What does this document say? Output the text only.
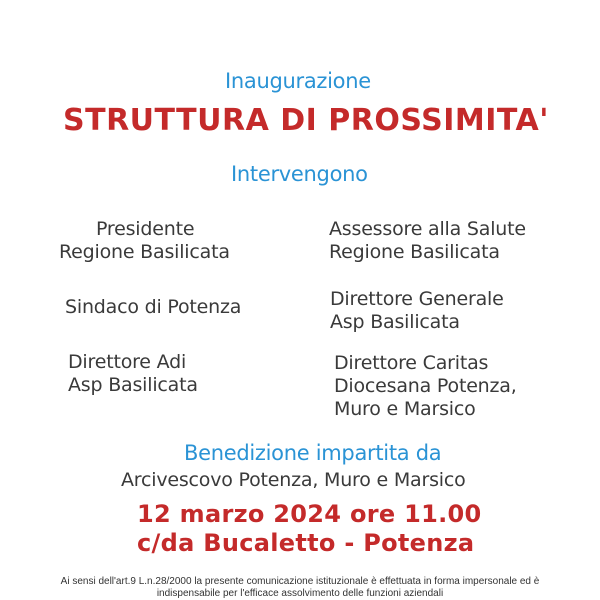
Inaugurazione
STRUTTURA DI PROSSIMITA'
Intervengono
Presidente
Regione Basilicata
Sindaco di Potenza
Direttore Adi
Asp Basilicata
Assessore alla Salute
Regione Basilicata
Direttore Generale
Asp Basilicata
Direttore Caritas
Diocesana Potenza,
Muro e Marsico
Benedizione impartita da
Arcivescovo Potenza, Muro e Marsico
12 marzo 2024 ore 11.00
c/da Bucaletto - Potenza
Ai sensi dell'art.9 L.n.28/2000 la presente comunicazione istituzionale è effettuata in forma impersonale ed è indispensabile per l'efficace assolvimento delle funzioni aziendali
